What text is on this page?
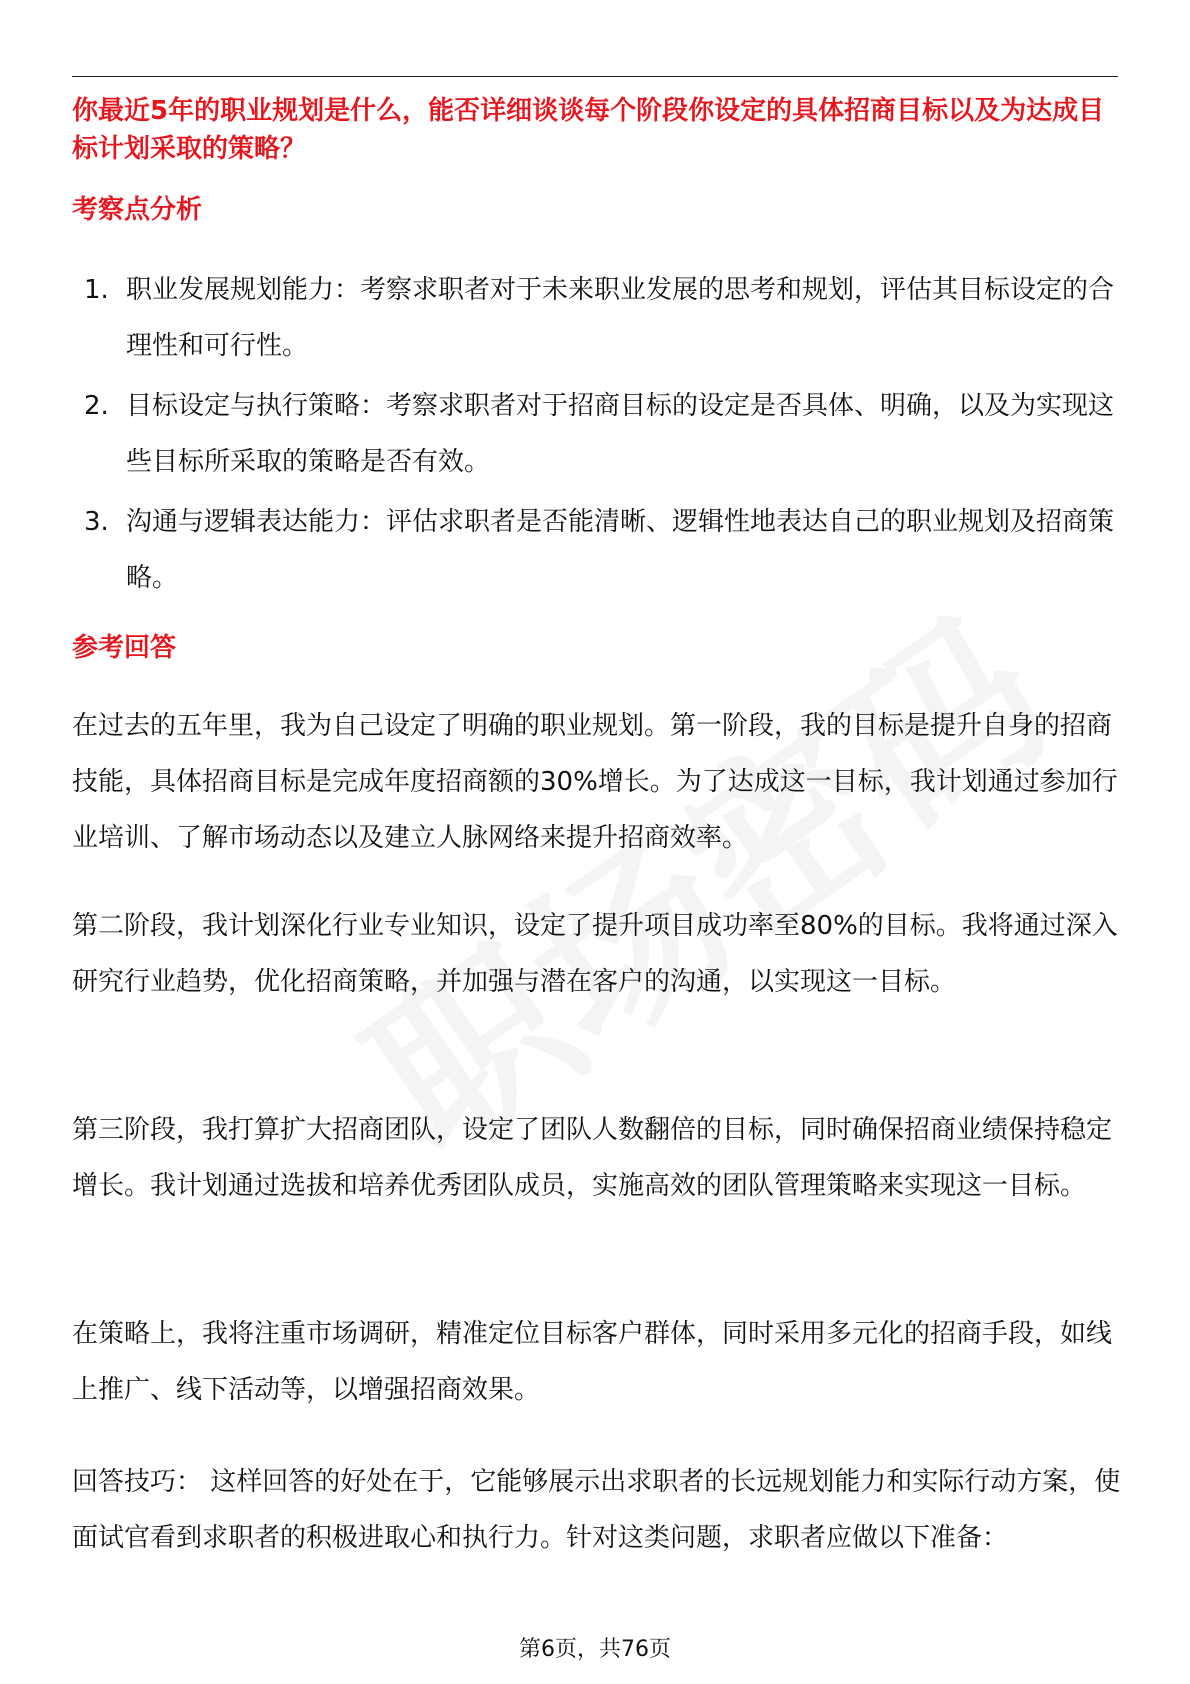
你最近5年的职业规划是什么，能否详细谈谈每个阶段你设定的具体招商目标以及为达成目标计划采取的策略？
考察点分析
1. 职业发展规划能力：考察求职者对于未来职业发展的思考和规划，评估其目标设定的合理性和可行性。
2. 目标设定与执行策略：考察求职者对于招商目标的设定是否具体、明确，以及为实现这些目标所采取的策略是否有效。
3. 沟通与逻辑表达能力：评估求职者是否能清晰、逻辑性地表达自己的职业规划及招商策略。
参考回答

在过去的五年里，我为自己设定了明确的职业规划。第一阶段，我的目标是提升自身的招商技能，具体招商目标是完成年度招商额的30%增长。为了达成这一目标，我计划通过参加行业培训、了解市场动态以及建立人脉网络来提升招商效率。

第二阶段，我计划深化行业专业知识，设定了提升项目成功率至80%的目标。我将通过深入研究行业趋势，优化招商策略，并加强与潜在客户的沟通，以实现这一目标。

第三阶段，我打算扩大招商团队，设定了团队人数翻倍的目标，同时确保招商业绩保持稳定增长。我计划通过选拔和培养优秀团队成员，实施高效的团队管理策略来实现这一目标。

在策略上，我将注重市场调研，精准定位目标客户群体，同时采用多元化的招商手段，如线上推广、线下活动等，以增强招商效果。

回答技巧： 这样回答的好处在于，它能够展示出求职者的长远规划能力和实际行动方案，使面试官看到求职者的积极进取心和执行力。针对这类问题，求职者应做以下准备：

第6页，共76页
